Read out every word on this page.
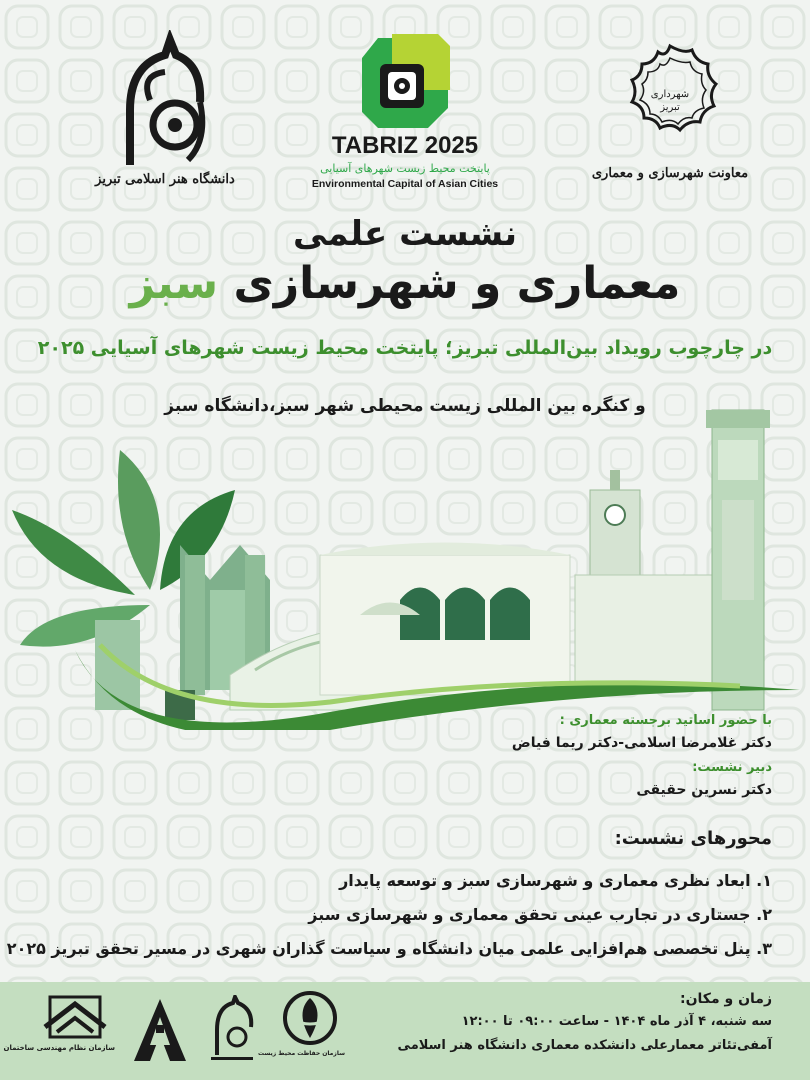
دانشگاه هنر اسلامی تبریز
TABRIZ 2025
پایتخت محیط زیست شهرهای آسیایی
Environmental Capital of Asian Cities
شهرداری تبریز
معاونت شهرسازی و معماری
نشست علمی
معماری و شهرسازی سبز
در چارچوب رویداد بین‌المللی تبریز؛ پایتخت محیط زیست شهرهای آسیایی ۲۰۲۵
و کنگره بین المللی زیست محیطی شهر سبز،دانشگاه سبز
با حضور اساتید برجسته معماری :
دکتر غلامرضا اسلامی-دکتر ریما فیاض
دبیر نشست:
دکتر نسرین حقیقی
محورهای نشست:
۱. ابعاد نظری معماری و شهرسازی سبز و توسعه پایدار
۲. جستاری در تجارب عینی تحقق معماری و شهرسازی سبز
۳. پنل تخصصی هم‌افزایی علمی میان دانشگاه و سیاست گذاران شهری در مسیر تحقق تبریز ۲۰۲۵
زمان و مکان:
سه شنبه، ۴ آذر ماه ۱۴۰۴ - ساعت ۰۹:۰۰ تا ۱۲:۰۰
آمفی‌تئاتر معمارعلی دانشکده معماری دانشگاه هنر اسلامی
سازمان نظام مهندسی ساختمان
سازمان حفاظت محیط زیست
